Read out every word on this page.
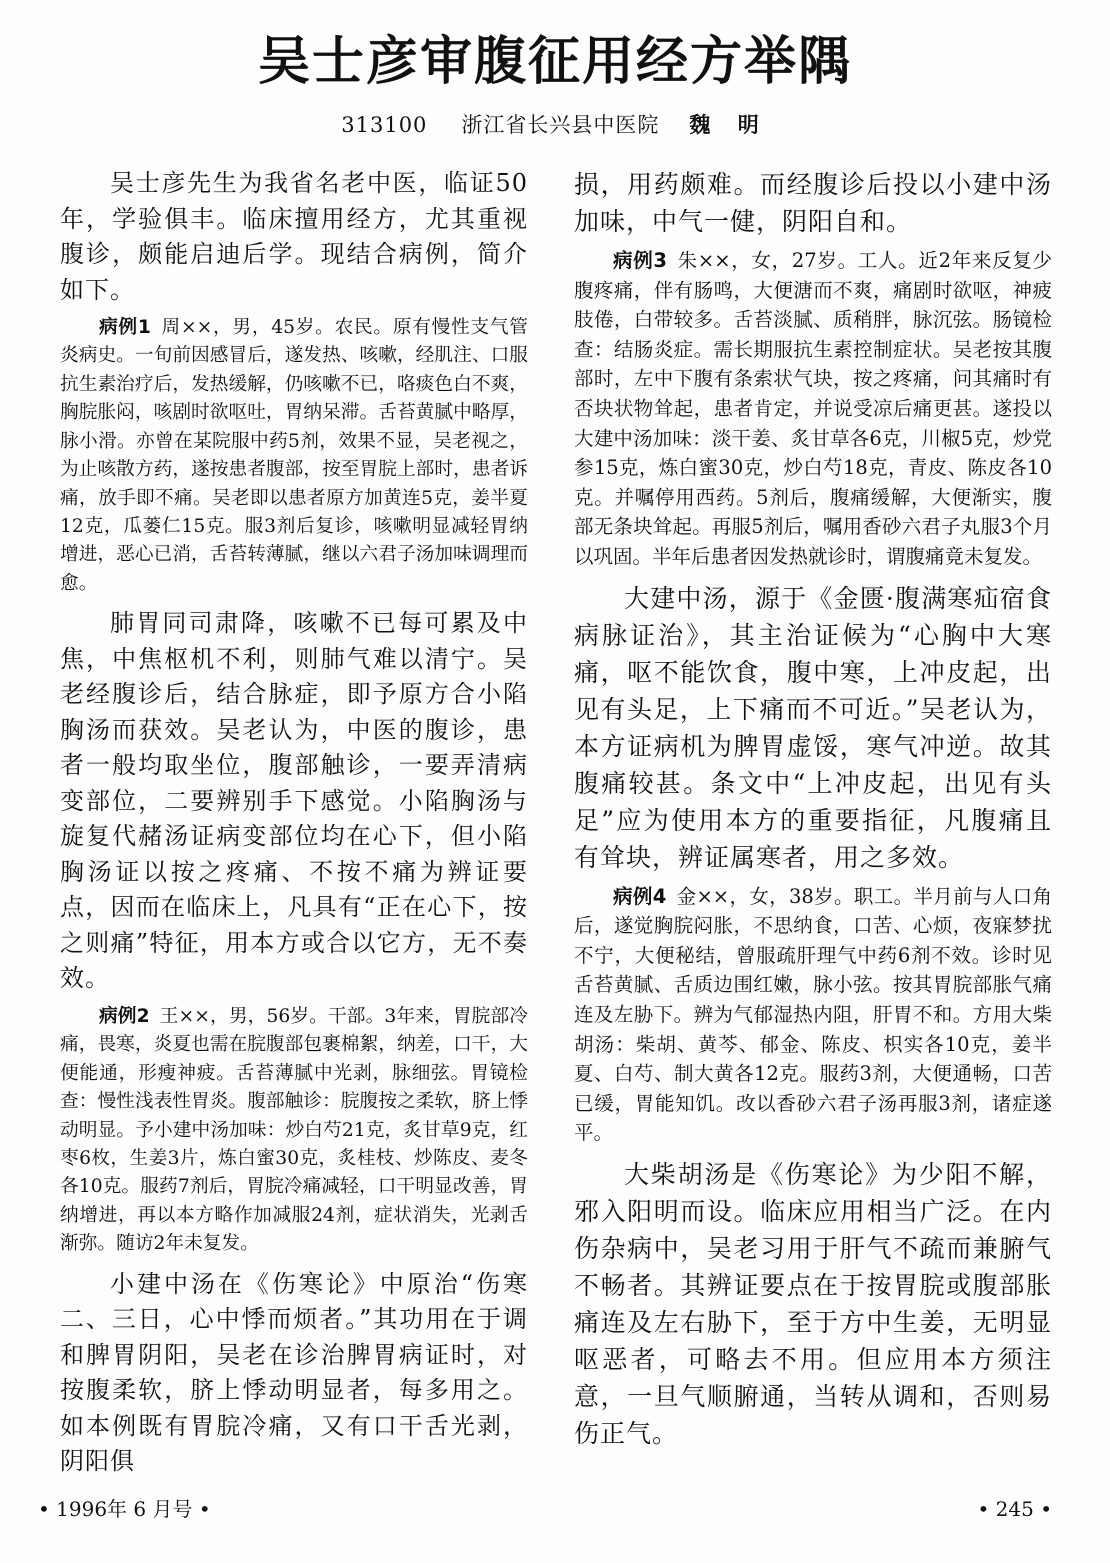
吴士彦审腹征用经方举隅
313100 浙江省长兴县中医院 魏 明

吴士彦先生为我省名老中医，临证50年，学验俱丰。临床擅用经方，尤其重视腹诊，颇能启迪后学。现结合病例，简介如下。

病例1 周××，男，45岁。农民。原有慢性支气管炎病史。一旬前因感冒后，遂发热、咳嗽，经肌注、口服抗生素治疗后，发热缓解，仍咳嗽不已，咯痰色白不爽，胸脘胀闷，咳剧时欲呕吐，胃纳呆滞。舌苔黄腻中略厚，脉小滑。亦曾在某院服中药5剂，效果不显，吴老视之，为止咳散方药，遂按患者腹部，按至胃脘上部时，患者诉痛，放手即不痛。吴老即以患者原方加黄连5克，姜半夏12克，瓜蒌仁15克。服3剂后复诊，咳嗽明显减轻胃纳增进，恶心已消，舌苔转薄腻，继以六君子汤加味调理而愈。

肺胃同司肃降，咳嗽不已每可累及中焦，中焦枢机不利，则肺气难以清宁。吴老经腹诊后，结合脉症，即予原方合小陷胸汤而获效。吴老认为，中医的腹诊，患者一般均取坐位，腹部触诊，一要弄清病变部位，二要辨别手下感觉。小陷胸汤与旋复代赭汤证病变部位均在心下，但小陷胸汤证以按之疼痛、不按不痛为辨证要点，因而在临床上，凡具有“正在心下，按之则痛”特征，用本方或合以它方，无不奏效。

病例2 王××，男，56岁。干部。3年来，胃脘部冷痛，畏寒，炎夏也需在脘腹部包裹棉絮，纳差，口干，大便能通，形瘦神疲。舌苔薄腻中光剥，脉细弦。胃镜检查：慢性浅表性胃炎。腹部触诊：脘腹按之柔软，脐上悸动明显。予小建中汤加味：炒白芍21克，炙甘草9克，红枣6枚，生姜3片，炼白蜜30克，炙桂枝、炒陈皮、麦冬各10克。服药7剂后，胃脘冷痛减轻，口干明显改善，胃纳增进，再以本方略作加减服24剂，症状消失，光剥舌渐弥。随访2年未复发。

小建中汤在《伤寒论》中原治“伤寒二、三日，心中悸而烦者。”其功用在于调和脾胃阴阳，吴老在诊治脾胃病证时，对按腹柔软，脐上悸动明显者，每多用之。如本例既有胃脘冷痛，又有口干舌光剥，阴阳俱

损，用药颇难。而经腹诊后投以小建中汤加味，中气一健，阴阳自和。

病例3 朱××，女，27岁。工人。近2年来反复少腹疼痛，伴有肠鸣，大便溏而不爽，痛剧时欲呕，神疲肢倦，白带较多。舌苔淡腻、质稍胖，脉沉弦。肠镜检查：结肠炎症。需长期服抗生素控制症状。吴老按其腹部时，左中下腹有条索状气块，按之疼痛，问其痛时有否块状物耸起，患者肯定，并说受凉后痛更甚。遂投以大建中汤加味：淡干姜、炙甘草各6克，川椒5克，炒党参15克，炼白蜜30克，炒白芍18克，青皮、陈皮各10克。并嘱停用西药。5剂后，腹痛缓解，大便渐实，腹部无条块耸起。再服5剂后，嘱用香砂六君子丸服3个月以巩固。半年后患者因发热就诊时，谓腹痛竟未复发。

大建中汤，源于《金匮·腹满寒疝宿食病脉证治》，其主治证候为“心胸中大寒痛，呕不能饮食，腹中寒，上冲皮起，出见有头足，上下痛而不可近。”吴老认为，本方证病机为脾胃虚馁，寒气冲逆。故其腹痛较甚。条文中“上冲皮起，出见有头足”应为使用本方的重要指征，凡腹痛且有耸块，辨证属寒者，用之多效。

病例4 金××，女，38岁。职工。半月前与人口角后，遂觉胸脘闷胀，不思纳食，口苦、心烦，夜寐梦扰不宁，大便秘结，曾服疏肝理气中药6剂不效。诊时见舌苔黄腻、舌质边围红嫩，脉小弦。按其胃脘部胀气痛连及左胁下。辨为气郁湿热内阻，肝胃不和。方用大柴胡汤：柴胡、黄芩、郁金、陈皮、枳实各10克，姜半夏、白芍、制大黄各12克。服药3剂，大便通畅，口苦已缓，胃能知饥。改以香砂六君子汤再服3剂，诸症遂平。

大柴胡汤是《伤寒论》为少阳不解，邪入阳明而设。临床应用相当广泛。在内伤杂病中，吴老习用于肝气不疏而兼腑气不畅者。其辨证要点在于按胃脘或腹部胀痛连及左右胁下，至于方中生姜，无明显呕恶者，可略去不用。但应用本方须注意，一旦气顺腑通，当转从调和，否则易伤正气。

• 1996年 6 月号 •	• 245 •
